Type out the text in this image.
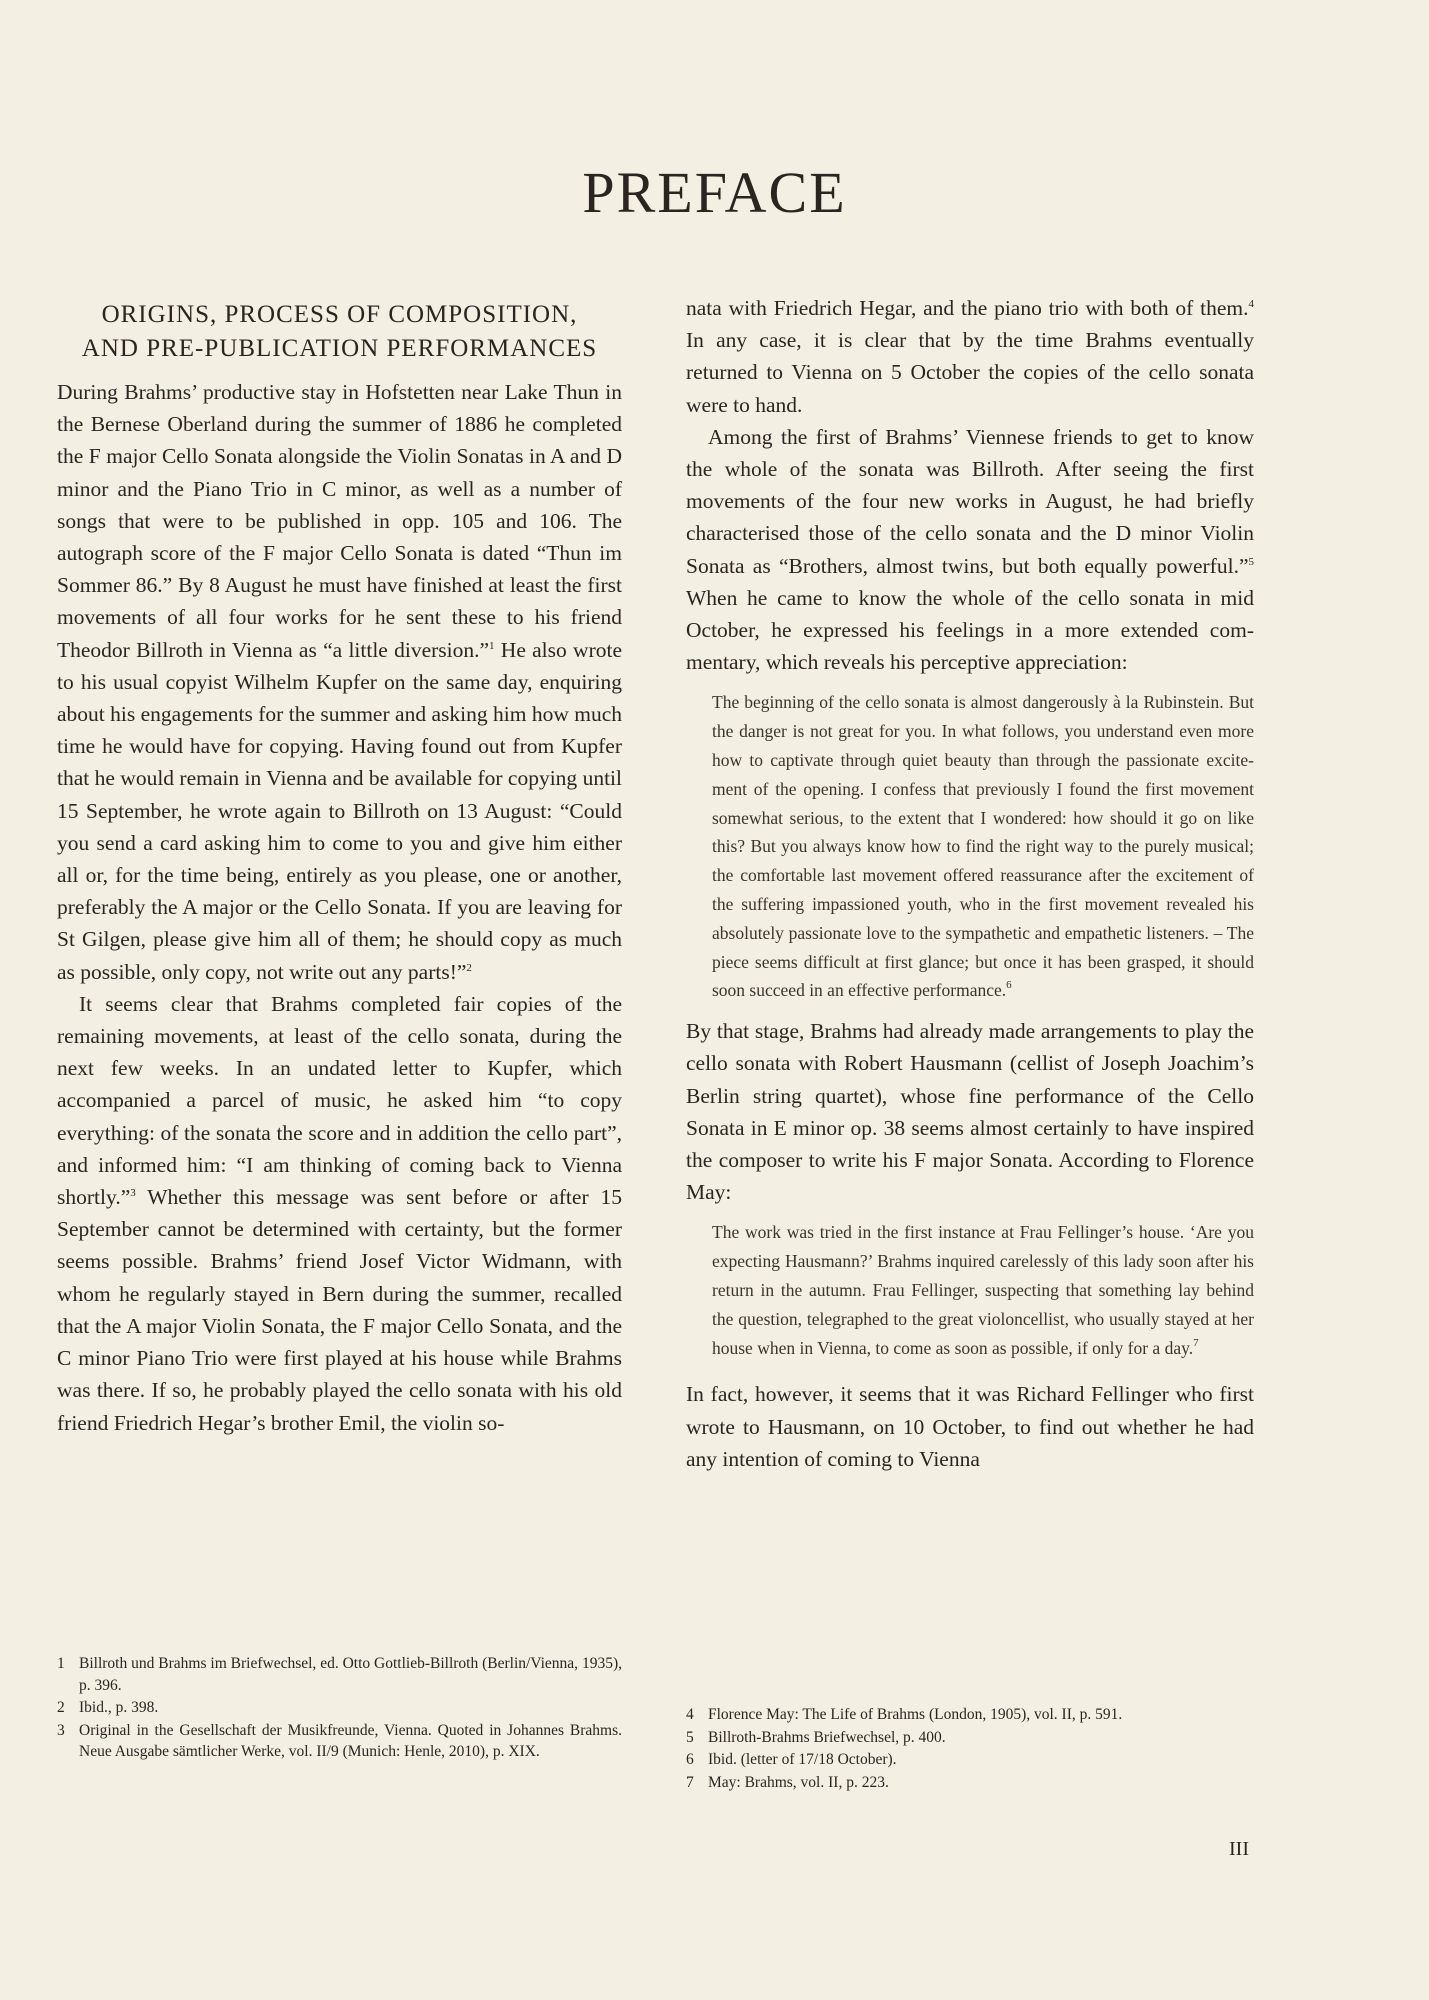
PREFACE
ORIGINS, PROCESS OF COMPOSITION,
AND PRE-PUBLICATION PERFORMANCES

During Brahms’ productive stay in Hofstetten near Lake Thun in the Bernese Oberland during the summer of 1886 he completed the F major Cello Sonata alongside the Violin Sonatas in A and D minor and the Piano Trio in C minor, as well as a number of songs that were to be published in opp. 105 and 106. The autograph score of the F major Cello Sonata is dated “Thun im Sommer 86.” By 8 August he must have finished at least the first movements of all four works for he sent these to his friend Theodor Billroth in Vienna as “a little diversion.”$^1$ He also wrote to his usual copyist Wilhelm Kupfer on the same day, enquiring about his engagements for the summer and asking him how much time he would have for copying. Having found out from Kupfer that he would remain in Vienna and be available for copying until 15 September, he wrote again to Billroth on 13 August: “Could you send a card asking him to come to you and give him either all or, for the time being, entirely as you please, one or another, preferably the A major or the Cello Sonata. If you are leaving for St Gilgen, please give him all of them; he should copy as much as possible, only copy, not write out any parts!”$^2$

It seems clear that Brahms completed fair copies of the remaining movements, at least of the cello sonata, during the next few weeks. In an undated letter to Kupfer, which accompanied a parcel of music, he asked him “to copy everything: of the sonata the score and in addition the cello part”, and informed him: “I am thinking of coming back to Vienna shortly.”$^3$ Whether this message was sent before or after 15 September cannot be determined with certainty, but the former seems possible. Brahms’ friend Josef Victor Widmann, with whom he regularly stayed in Bern during the summer, recalled that the A major Violin Sonata, the F major Cello Sonata, and the C minor Piano Trio were first played at his house while Brahms was there. If so, he probably played the cello sonata with his old friend Friedrich Hegar’s brother Emil, the violin so-

1 Billroth und Brahms im Briefwechsel, ed. Otto Gottlieb-Billroth (Berlin/Vienna, 1935), p. 396.
2 Ibid., p. 398.
3 Original in the Gesellschaft der Musikfreunde, Vienna. Quoted in Johannes Brahms. Neue Ausgabe sämtlicher Werke, vol. II/9 (Munich: Henle, 2010), p. XIX.

nata with Friedrich Hegar, and the piano trio with both of them.$^4$ In any case, it is clear that by the time Brahms eventually returned to Vienna on 5 October the copies of the cello sonata were to hand.

Among the first of Brahms’ Viennese friends to get to know the whole of the sonata was Billroth. After seeing the first movements of the four new works in August, he had briefly characterised those of the cello sonata and the D minor Violin Sonata as “Brothers, almost twins, but both equally powerful.”$^5$ When he came to know the whole of the cello sonata in mid October, he expressed his feelings in a more extended commentary, which reveals his perceptive appreciation:

The beginning of the cello sonata is almost dangerously à la Rubinstein. But the danger is not great for you. In what follows, you understand even more how to captivate through quiet beauty than through the passionate excitement of the opening. I confess that previously I found the first movement somewhat serious, to the extent that I wondered: how should it go on like this? But you always know how to find the right way to the purely musical; the comfortable last movement offered reassurance after the excitement of the suffering impassioned youth, who in the first movement revealed his absolutely passionate love to the sympathetic and empathetic listeners. – The piece seems difficult at first glance; but once it has been grasped, it should soon succeed in an effective performance.$^6$

By that stage, Brahms had already made arrangements to play the cello sonata with Robert Hausmann (cellist of Joseph Joachim’s Berlin string quartet), whose fine performance of the Cello Sonata in E minor op. 38 seems almost certainly to have inspired the composer to write his F major Sonata. According to Florence May:

The work was tried in the first instance at Frau Fellinger’s house. ‘Are you expecting Hausmann?’ Brahms inquired carelessly of this lady soon after his return in the autumn. Frau Fellinger, suspecting that something lay behind the question, telegraphed to the great violoncellist, who usually stayed at her house when in Vienna, to come as soon as possible, if only for a day.$^7$

In fact, however, it seems that it was Richard Fellinger who first wrote to Hausmann, on 10 October, to find out whether he had any intention of coming to Vienna

4 Florence May: The Life of Brahms (London, 1905), vol. II, p. 591.
5 Billroth-Brahms Briefwechsel, p. 400.
6 Ibid. (letter of 17/18 October).
7 May: Brahms, vol. II, p. 223.

III
